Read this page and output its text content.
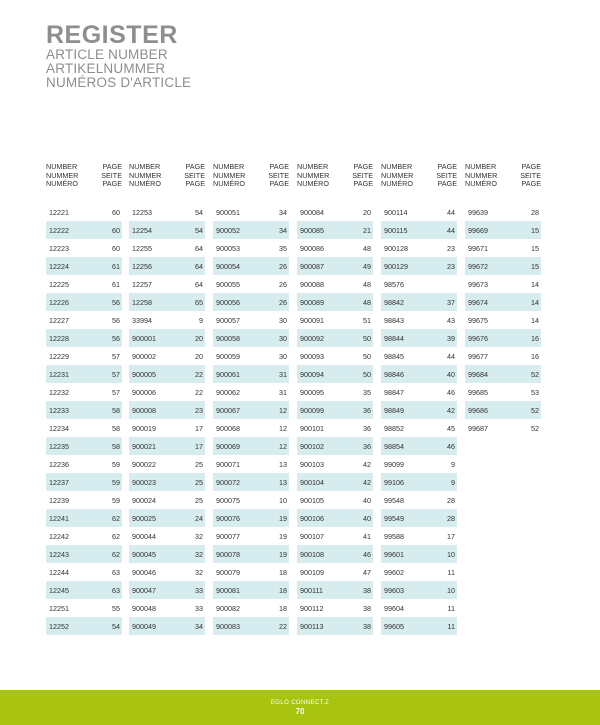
REGISTER
ARTICLE NUMBER
ARTIKELNUMMER
NUMÉROS D'ARTICLE
NUMBER
NUMMER
NUMÉRO
PAGE
SEITE
PAGE
12221	60
12222	60
12223	60
12224	61
12225	61
12226	56
12227	56
12228	56
12229	57
12231	57
12232	57
12233	58
12234	58
12235	58
12236	59
12237	59
12239	59
12241	62
12242	62
12243	62
12244	63
12245	63
12251	55
12252	54
NUMBER
NUMMER
NUMÉRO
PAGE
SEITE
PAGE
12253	54
12254	54
12255	64
12256	64
12257	64
12258	65
33994	9
900001	20
900002	20
900005	22
900006	22
900008	23
900019	17
900021	17
900022	25
900023	25
900024	25
900025	24
900044	32
900045	32
900046	32
900047	33
900048	33
900049	34
NUMBER
NUMMER
NUMÉRO
PAGE
SEITE
PAGE
900051	34
900052	34
900053	35
900054	26
900055	26
900056	26
900057	30
900058	30
900059	30
900061	31
900062	31
900067	12
900068	12
900069	12
900071	13
900072	13
900075	10
900076	19
900077	19
900078	19
900079	18
900081	18
900082	18
900083	22
NUMBER
NUMMER
NUMÉRO
PAGE
SEITE
PAGE
900084	20
900085	21
900086	48
900087	49
900088	48
900089	48
900091	51
900092	50
900093	50
900094	50
900095	35
900099	36
900101	36
900102	36
900103	42
900104	42
900105	40
900106	40
900107	41
900108	46
900109	47
900111	38
900112	38
900113	38
NUMBER
NUMMER
NUMÉRO
PAGE
SEITE
PAGE
900114	44
900115	44
900128	23
900129	23
98576
98842	37
98843	43
98844	39
98845	44
98846	40
98847	46
98849	42
98852	45
98854	46
99099	9
99106	9
99548	28
99549	28
99588	17
99601	10
99602	11
99603	10
99604	11
99605	11
NUMBER
NUMMER
NUMÉRO
PAGE
SEITE
PAGE
99639	28
99669	15
99671	15
99672	15
99673	14
99674	14
99675	14
99676	16
99677	16
99684	52
99685	53
99686	52
99687	52
EGLO CONNECT.Z
70
